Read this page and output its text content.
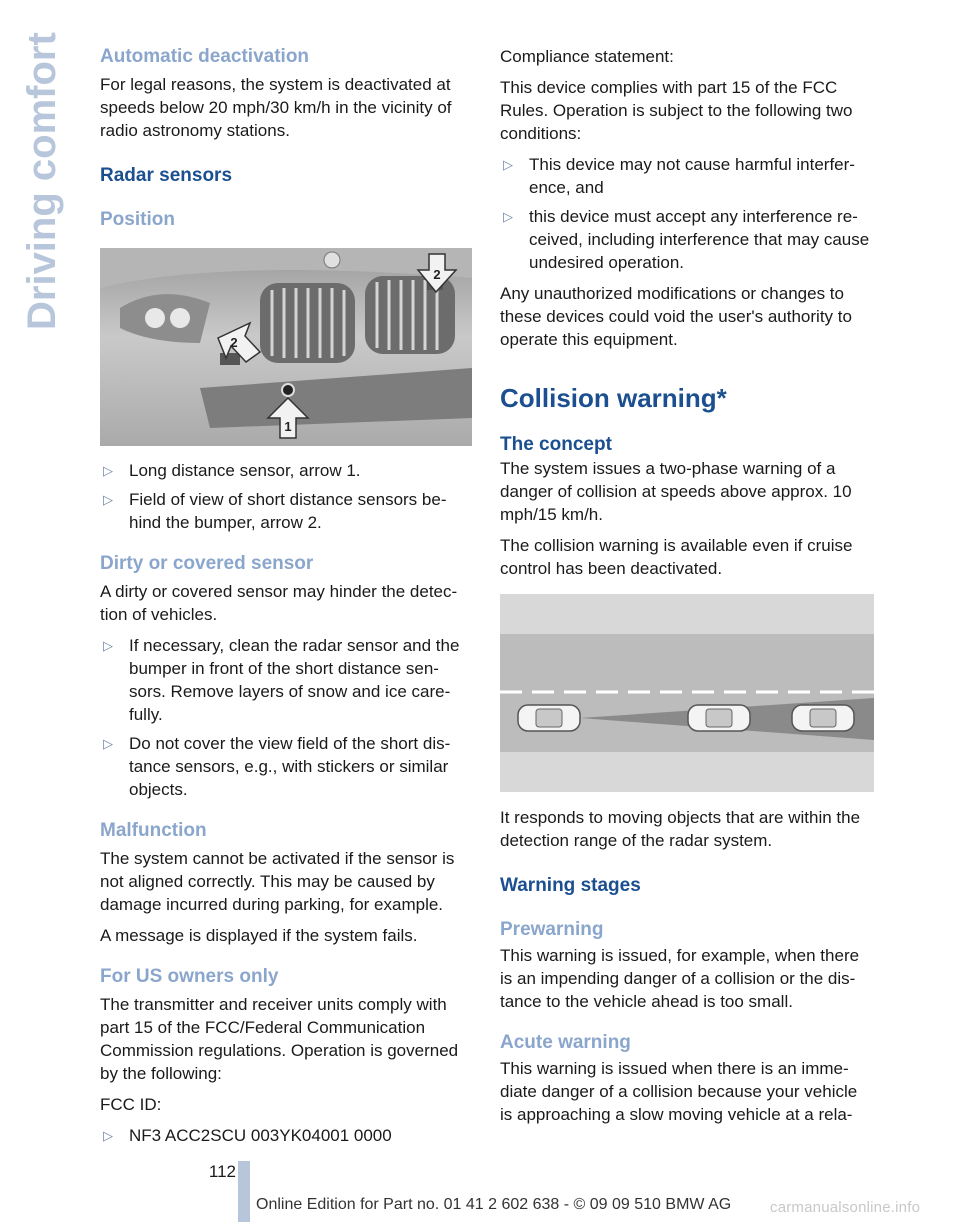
Driving comfort Automatic deactivation

For legal reasons, the system is deactivated at speeds below 20 mph/30 km/h in the vicinity of radio astronomy stations.

Radar sensors
Position
1
2
2
▷ Long distance sensor, arrow 1.
▷ Field of view of short distance sensors be-hind the bumper, arrow 2.
Dirty or covered sensor

A dirty or covered sensor may hinder the detec-tion of vehicles.

▷ If necessary, clean the radar sensor and the bumper in front of the short distance sen-sors. Remove layers of snow and ice care-fully.
▷ Do not cover the view field of the short dis-tance sensors, e.g., with stickers or similar objects.
Malfunction

The system cannot be activated if the sensor is not aligned correctly. This may be caused by damage incurred during parking, for example.

A message is displayed if the system fails.

For US owners only

The transmitter and receiver units comply with part 15 of the FCC/Federal Communication Commission regulations. Operation is governed by the following:

FCC ID:

▷ NF3 ACC2SCU 003YK04001 0000

Compliance statement:

This device complies with part 15 of the FCC Rules. Operation is subject to the following two conditions:

▷ This device may not cause harmful interfer-ence, and
▷ this device must accept any interference re-ceived, including interference that may cause undesired operation.

Any unauthorized modifications or changes to these devices could void the user's authority to operate this equipment.

Collision warning*
The concept

The system issues a two-phase warning of a danger of collision at speeds above approx. 10 mph/15 km/h.

The collision warning is available even if cruise control has been deactivated.

It responds to moving objects that are within the detection range of the radar system.

Warning stages
Prewarning

This warning is issued, for example, when there is an impending danger of a collision or the dis-tance to the vehicle ahead is too small.

Acute warning

This warning is issued when there is an imme-diate danger of a collision because your vehicle is approaching a slow moving vehicle at a rela-

112
Online Edition for Part no. 01 41 2 602 638 - © 09 09 510 BMW AG	carmanualsonline.info
